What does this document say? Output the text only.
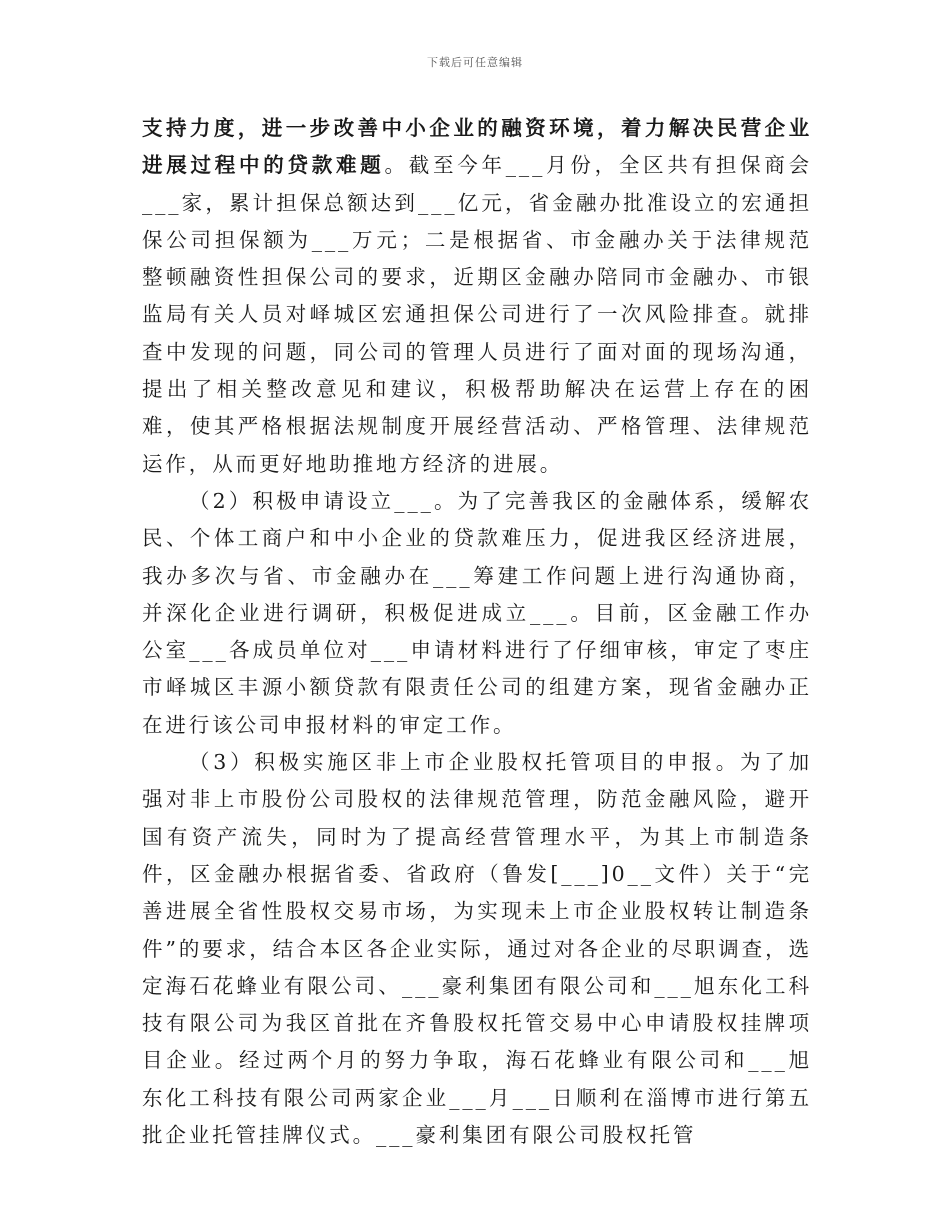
下载后可任意编辑

支持力度，进一步改善中小企业的融资环境，着力解决民营企业进展过程中的贷款难题。截至今年___月份，全区共有担保商会___家，累计担保总额达到___亿元，省金融办批准设立的宏通担保公司担保额为___万元；二是根据省、市金融办关于法律规范整顿融资性担保公司的要求，近期区金融办陪同市金融办、市银监局有关人员对峄城区宏通担保公司进行了一次风险排查。就排查中发现的问题，同公司的管理人员进行了面对面的现场沟通，提出了相关整改意见和建议，积极帮助解决在运营上存在的困难，使其严格根据法规制度开展经营活动、严格管理、法律规范运作，从而更好地助推地方经济的进展。

（2）积极申请设立___。为了完善我区的金融体系，缓解农民、个体工商户和中小企业的贷款难压力，促进我区经济进展，我办多次与省、市金融办在___筹建工作问题上进行沟通协商，并深化企业进行调研，积极促进成立___。目前，区金融工作办公室___各成员单位对___申请材料进行了仔细审核，审定了枣庄市峄城区丰源小额贷款有限责任公司的组建方案，现省金融办正在进行该公司申报材料的审定工作。

（3）积极实施区非上市企业股权托管项目的申报。为了加强对非上市股份公司股权的法律规范管理，防范金融风险，避开国有资产流失，同时为了提高经营管理水平，为其上市制造条件，区金融办根据省委、省政府（鲁发[___]0__文件）关于“完善进展全省性股权交易市场，为实现未上市企业股权转让制造条件”的要求，结合本区各企业实际，通过对各企业的尽职调查，选定海石花蜂业有限公司、___豪利集团有限公司和___旭东化工科技有限公司为我区首批在齐鲁股权托管交易中心申请股权挂牌项目企业。经过两个月的努力争取，海石花蜂业有限公司和___旭东化工科技有限公司两家企业___月___日顺利在淄博市进行第五批企业托管挂牌仪式。___豪利集团有限公司股权托管
